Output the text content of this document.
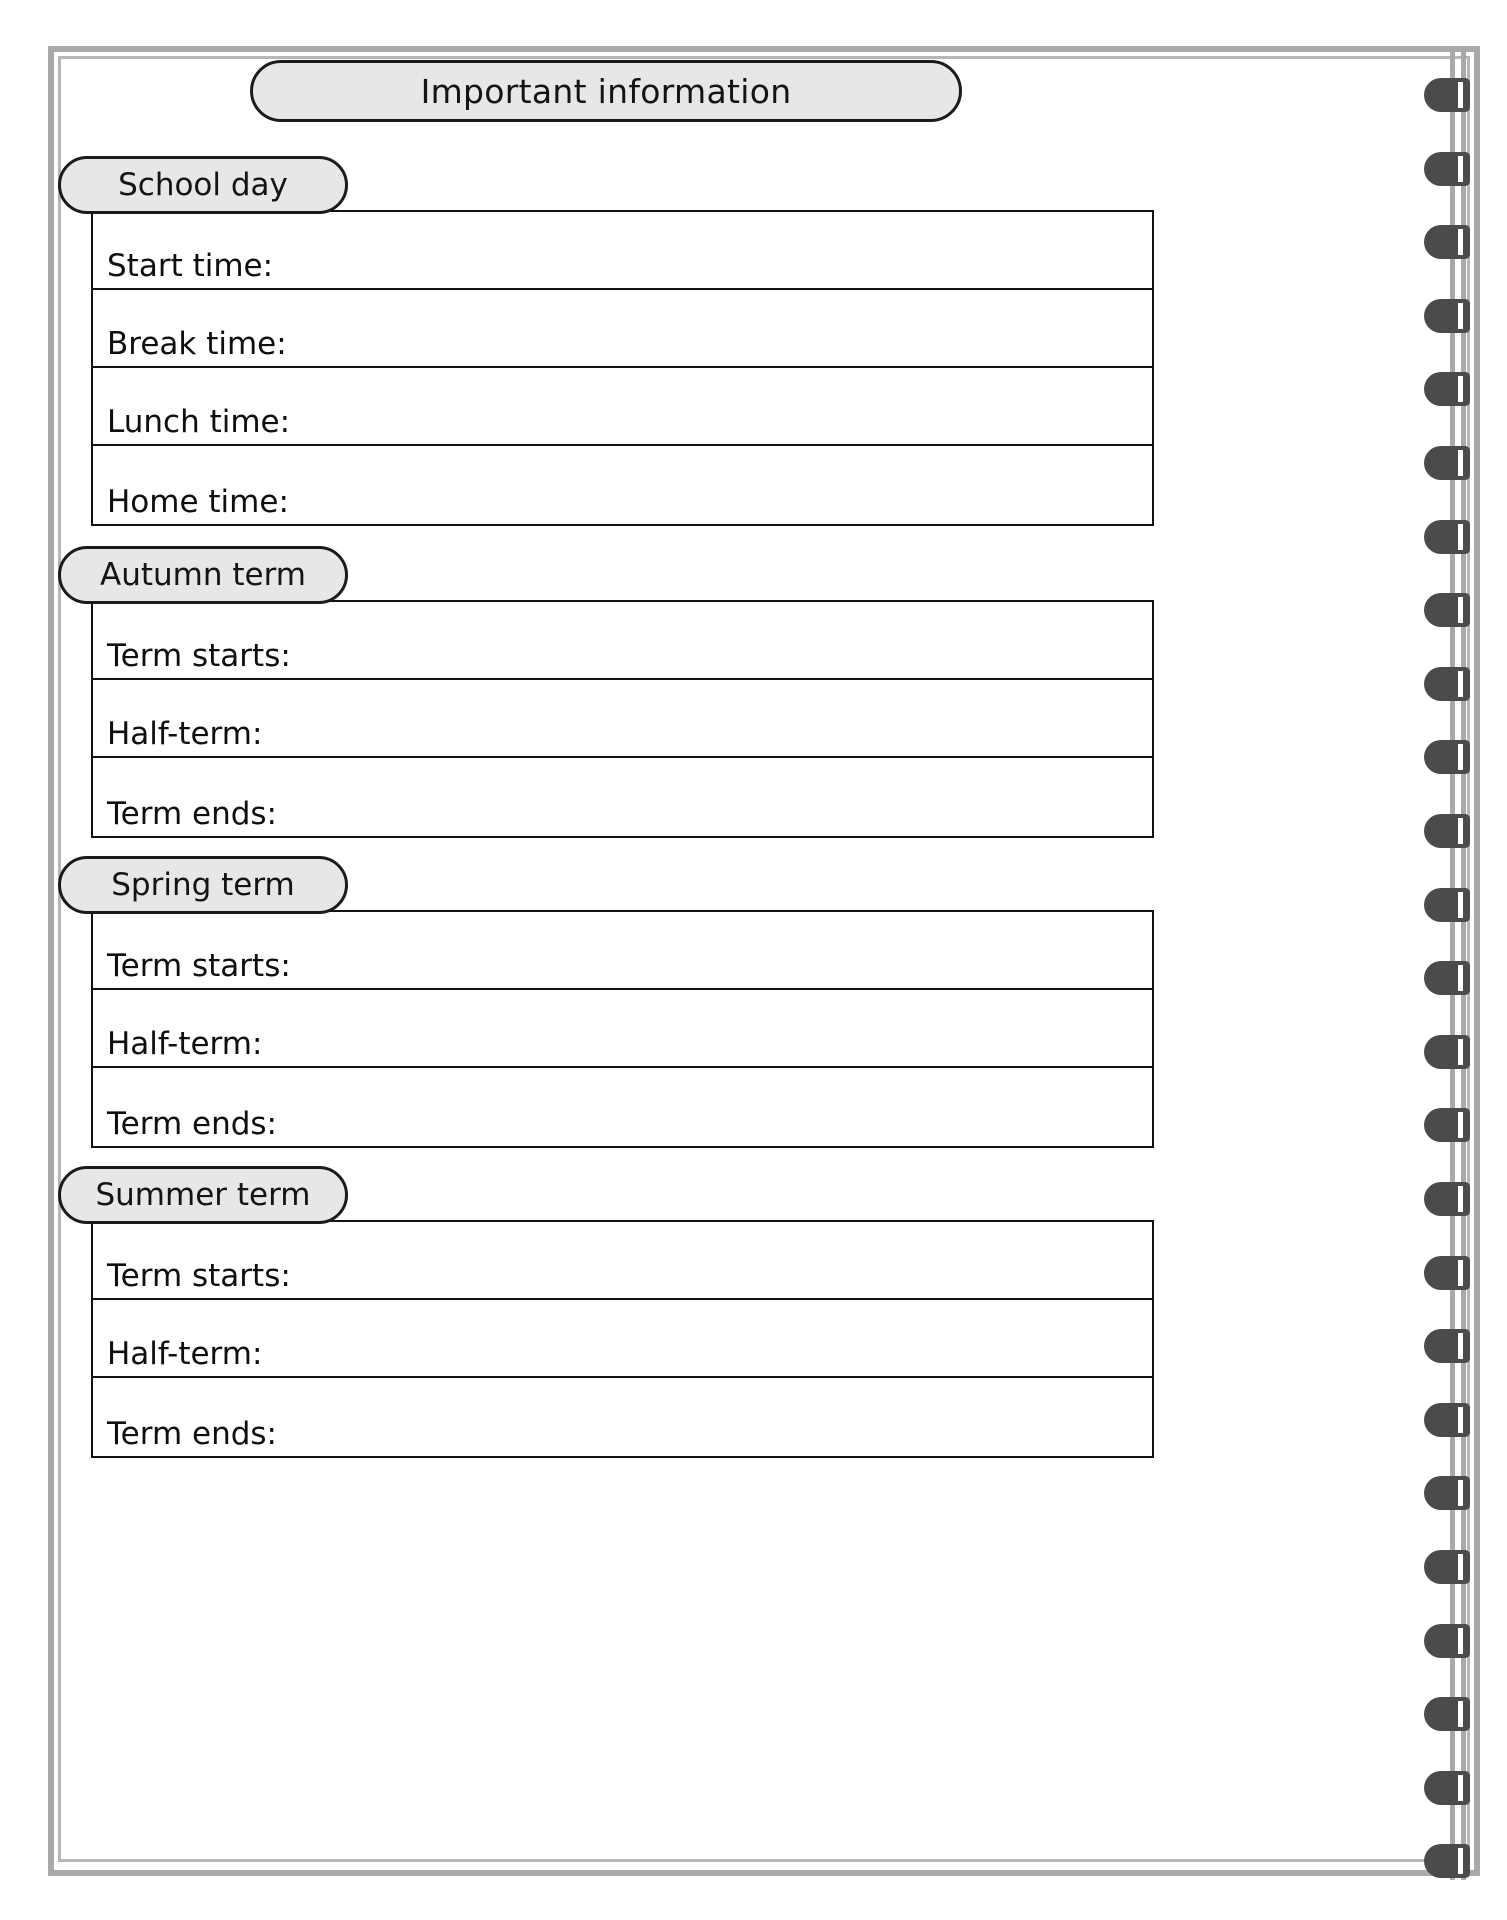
Important information
School day
Start time:
Break time:
Lunch time:
Home time:
Autumn term
Term starts:
Half-term:
Term ends:
Spring term
Term starts:
Half-term:
Term ends:
Summer term
Term starts:
Half-term:
Term ends:
